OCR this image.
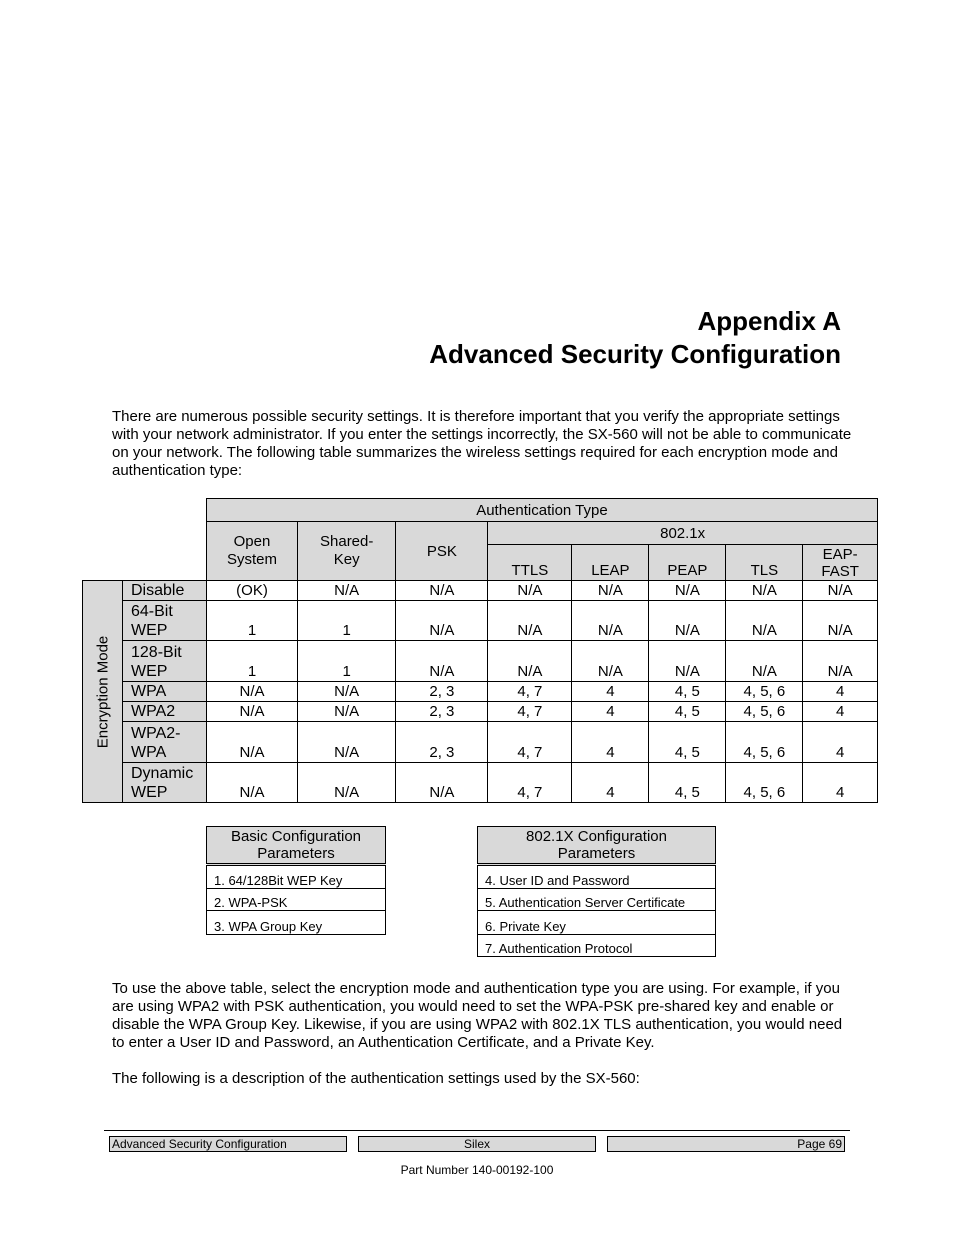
Appendix A
Advanced Security Configuration
There are numerous possible security settings. It is therefore important that you verify the appropriate settings with your network administrator. If you enter the settings incorrectly, the SX-560 will not be able to communicate on your network. The following table summarizes the wireless settings required for each encryption mode and authentication type:
		Authentication Type							
		Open System	Shared-Key	PSK	802.1x				
					TTLS	LEAP	PEAP	TLS	EAP-FAST

Encryption Mode	Disable	(OK)	N/A	N/A	N/A	N/A	N/A	N/A	N/A
	64-Bit WEP	1	1	N/A	N/A	N/A	N/A	N/A	N/A
	128-Bit WEP	1	1	N/A	N/A	N/A	N/A	N/A	N/A
	WPA	N/A	N/A	2, 3	4, 7	4	4, 5	4, 5, 6	4
	WPA2	N/A	N/A	2, 3	4, 7	4	4, 5	4, 5, 6	4
	WPA2-WPA	N/A	N/A	2, 3	4, 7	4	4, 5	4, 5, 6	4
	Dynamic WEP	N/A	N/A	N/A	4, 7	4	4, 5	4, 5, 6	4
Basic Configuration Parameters
1. 64/128Bit WEP Key
2. WPA-PSK
3. WPA Group Key
802.1X Configuration Parameters
4. User ID and Password
5. Authentication Server Certificate
6. Private Key
7. Authentication Protocol
To use the above table, select the encryption mode and authentication type you are using. For example, if you are using WPA2 with PSK authentication, you would need to set the WPA-PSK pre-shared key and enable or disable the WPA Group Key. Likewise, if you are using WPA2 with 802.1X TLS authentication, you would need to enter a User ID and Password, an Authentication Certificate, and a Private Key.
The following is a description of the authentication settings used by the SX-560:
Advanced Security Configuration	Silex	Page 69
Part Number 140-00192-100
